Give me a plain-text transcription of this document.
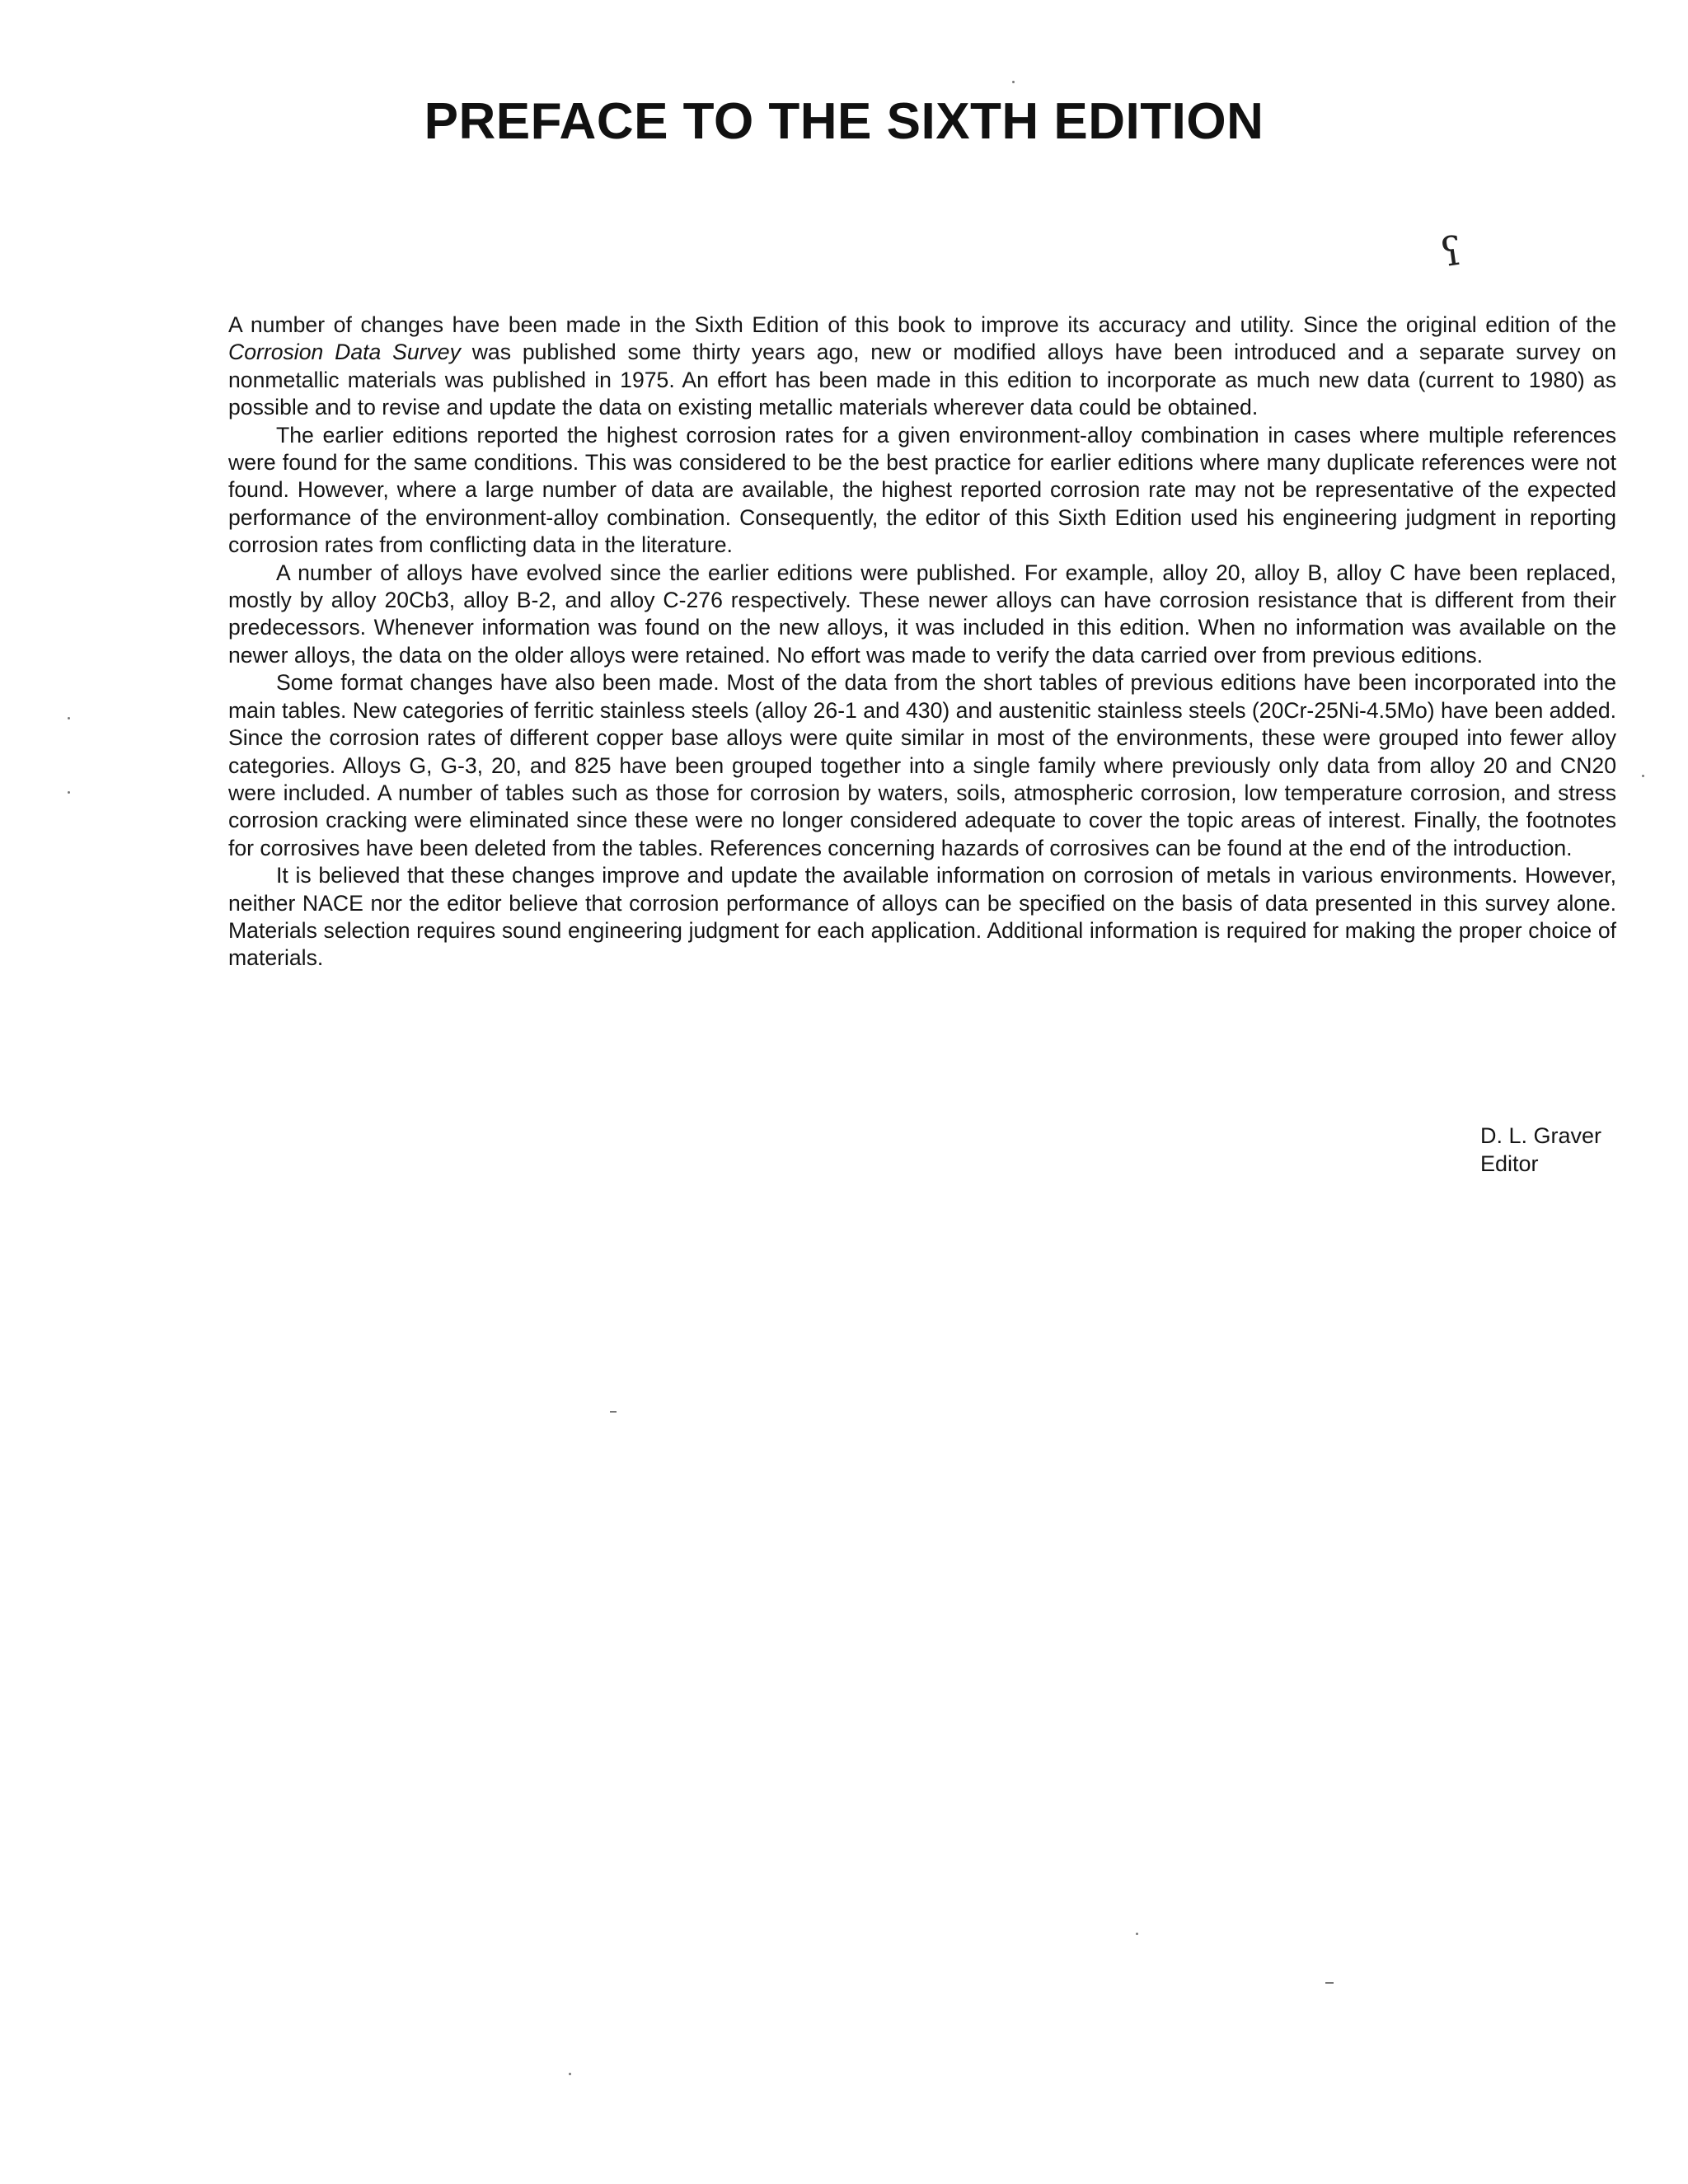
PREFACE TO THE SIXTH EDITION
ʕ

A number of changes have been made in the Sixth Edition of this book to improve its accuracy and utility. Since the original edition of the Corrosion Data Survey was published some thirty years ago, new or modified alloys have been introduced and a separate survey on nonmetallic materials was published in 1975. An effort has been made in this edition to incorporate as much new data (current to 1980) as possible and to revise and update the data on existing metallic materials wherever data could be obtained.

The earlier editions reported the highest corrosion rates for a given environment-alloy combination in cases where multiple references were found for the same conditions. This was considered to be the best practice for earlier editions where many duplicate references were not found. However, where a large number of data are available, the highest reported corrosion rate may not be representative of the expected performance of the environment-alloy combination. Consequently, the editor of this Sixth Edition used his engineering judgment in reporting corrosion rates from conflicting data in the literature.

A number of alloys have evolved since the earlier editions were published. For example, alloy 20, alloy B, alloy C have been replaced, mostly by alloy 20Cb3, alloy B-2, and alloy C-276 respectively. These newer alloys can have corrosion resistance that is different from their predecessors. Whenever information was found on the new alloys, it was included in this edition. When no information was available on the newer alloys, the data on the older alloys were retained. No effort was made to verify the data carried over from previous editions.

Some format changes have also been made. Most of the data from the short tables of previous editions have been incorporated into the main tables. New categories of ferritic stainless steels (alloy 26-1 and 430) and austenitic stainless steels (20Cr-25Ni-4.5Mo) have been added. Since the corrosion rates of different copper base alloys were quite similar in most of the environments, these were grouped into fewer alloy categories. Alloys G, G-3, 20, and 825 have been grouped together into a single family where previously only data from alloy 20 and CN20 were included. A number of tables such as those for corrosion by waters, soils, atmospheric corrosion, low temperature corrosion, and stress corrosion cracking were eliminated since these were no longer considered adequate to cover the topic areas of interest. Finally, the footnotes for corrosives have been deleted from the tables. References concerning hazards of corrosives can be found at the end of the introduction.

It is believed that these changes improve and update the available information on corrosion of metals in various environments. However, neither NACE nor the editor believe that corrosion performance of alloys can be specified on the basis of data presented in this survey alone. Materials selection requires sound engineering judgment for each application. Additional information is required for making the proper choice of materials.

D. L. Graver
Editor
